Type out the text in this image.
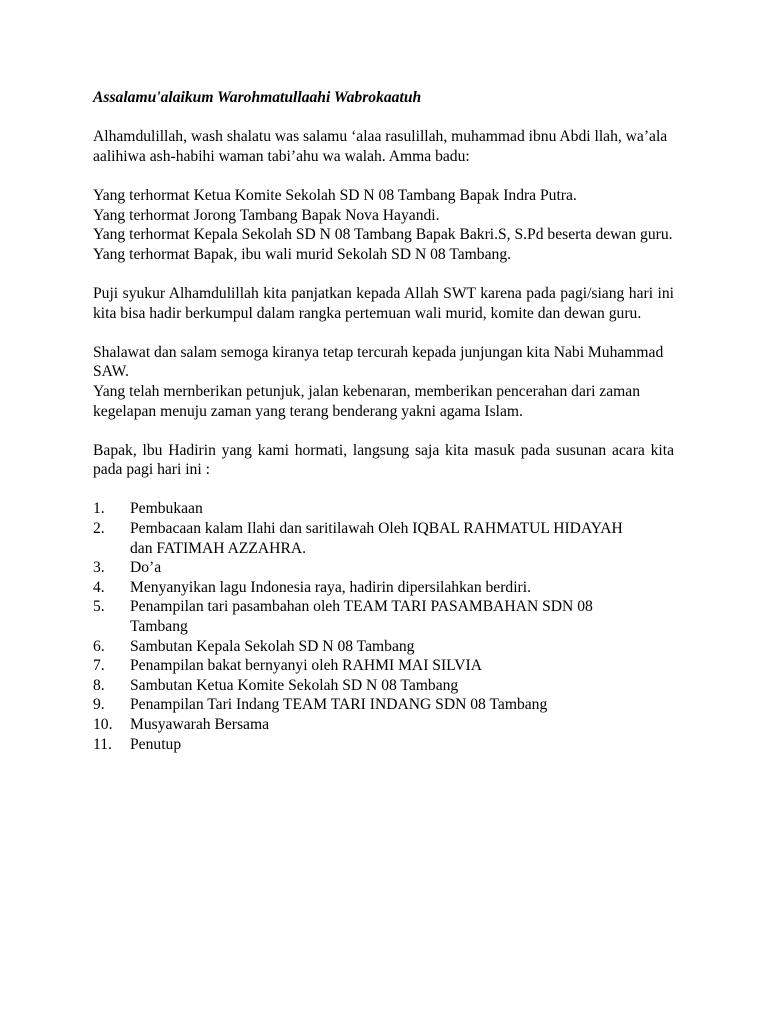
Assalamu'alaikum Warohmatullaahi Wabrokaatuh

Alhamdulillah, wash shalatu was salamu ‘alaa rasulillah, muhammad ibnu Abdi llah, wa’ala aalihiwa ash-habihi waman tabi’ahu wa walah. Amma badu:

Yang terhormat Ketua Komite Sekolah SD N 08 Tambang Bapak Indra Putra.

Yang terhormat Jorong Tambang Bapak Nova Hayandi.

Yang terhormat Kepala Sekolah SD N 08 Tambang Bapak Bakri.S, S.Pd beserta dewan guru.

Yang terhormat Bapak, ibu wali murid Sekolah SD N 08 Tambang.

Puji syukur Alhamdulillah kita panjatkan kepada Allah SWT karena pada pagi/siang hari ini kita bisa hadir berkumpul dalam rangka pertemuan wali murid, komite dan dewan guru.

Shalawat dan salam semoga kiranya tetap tercurah kepada junjungan kita Nabi Muhammad SAW.

Yang telah mernberikan petunjuk, jalan kebenaran, memberikan pencerahan dari zaman kegelapan menuju zaman yang terang benderang yakni agama Islam.

Bapak, lbu Hadirin yang kami hormati, langsung saja kita masuk pada susunan acara kita pada pagi hari ini :

1.	Pembukaan
2.	Pembacaan kalam Ilahi dan saritilawah Oleh IQBAL RAHMATUL HIDAYAH dan FATIMAH AZZAHRA.
3.	Do’a
4.	Menyanyikan lagu Indonesia raya, hadirin dipersilahkan berdiri.
5.	Penampilan tari pasambahan oleh TEAM TARI PASAMBAHAN SDN 08 Tambang
6.	Sambutan Kepala Sekolah SD N 08 Tambang
7.	Penampilan bakat bernyanyi oleh RAHMI MAI SILVIA
8.	Sambutan Ketua Komite Sekolah SD N 08 Tambang
9.	Penampilan Tari Indang TEAM TARI INDANG SDN 08 Tambang
10.	Musyawarah Bersama
11.	Penutup
